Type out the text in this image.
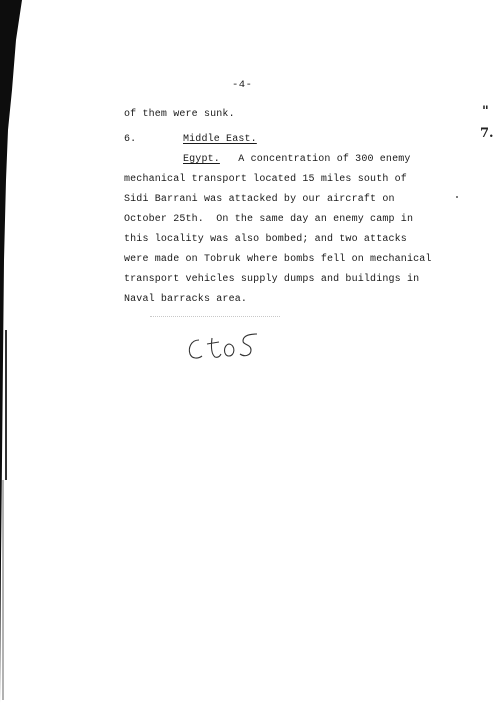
-4-
of them were sunk.
6.	Middle East.
Egypt. A concentration of 300 enemy
mechanical transport located 15 miles south of
Sidi Barrani was attacked by our aircraft on
October 25th.  On the same day an enemy camp in
this locality was also bombed; and two attacks
were made on Tobruk where bombs fell on mechanical
transport vehicles supply dumps and buildings in
Naval barracks area.
"
7.
